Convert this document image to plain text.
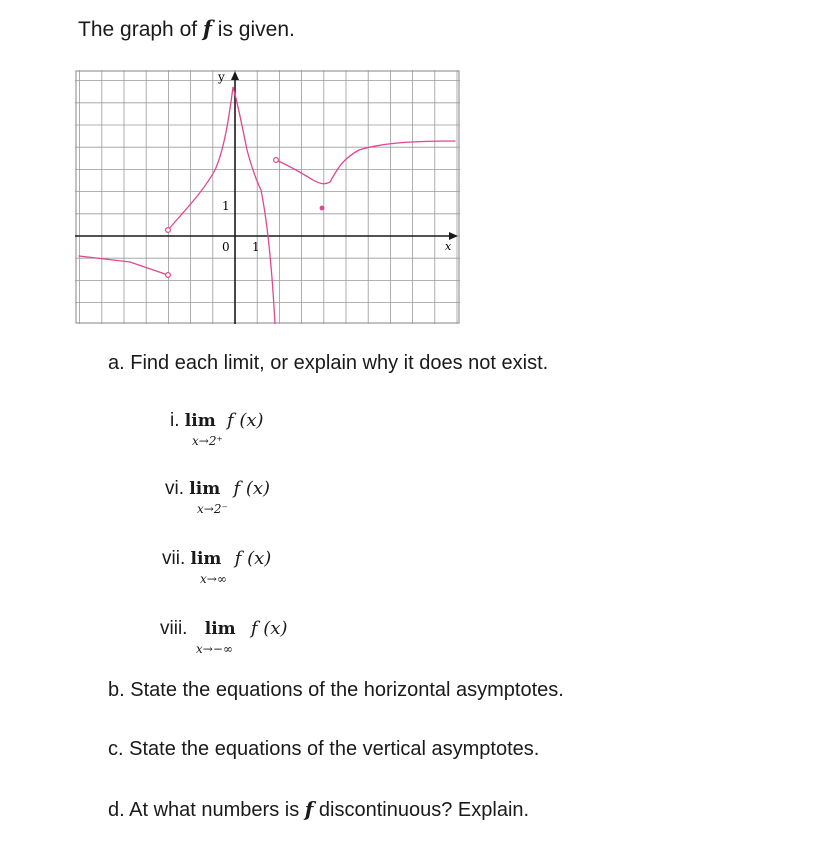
The graph of f is given.
y
x
0 1
1
a. Find each limit, or explain why it does not exist.
i. lim
x→2⁺
f (x)
vi. lim
x→2⁻
f (x)
vii. lim
x→∞
f (x)
viii. lim
x→−∞
f (x)
b. State the equations of the horizontal asymptotes.
c. State the equations of the vertical asymptotes.
d. At what numbers is f discontinuous? Explain.
